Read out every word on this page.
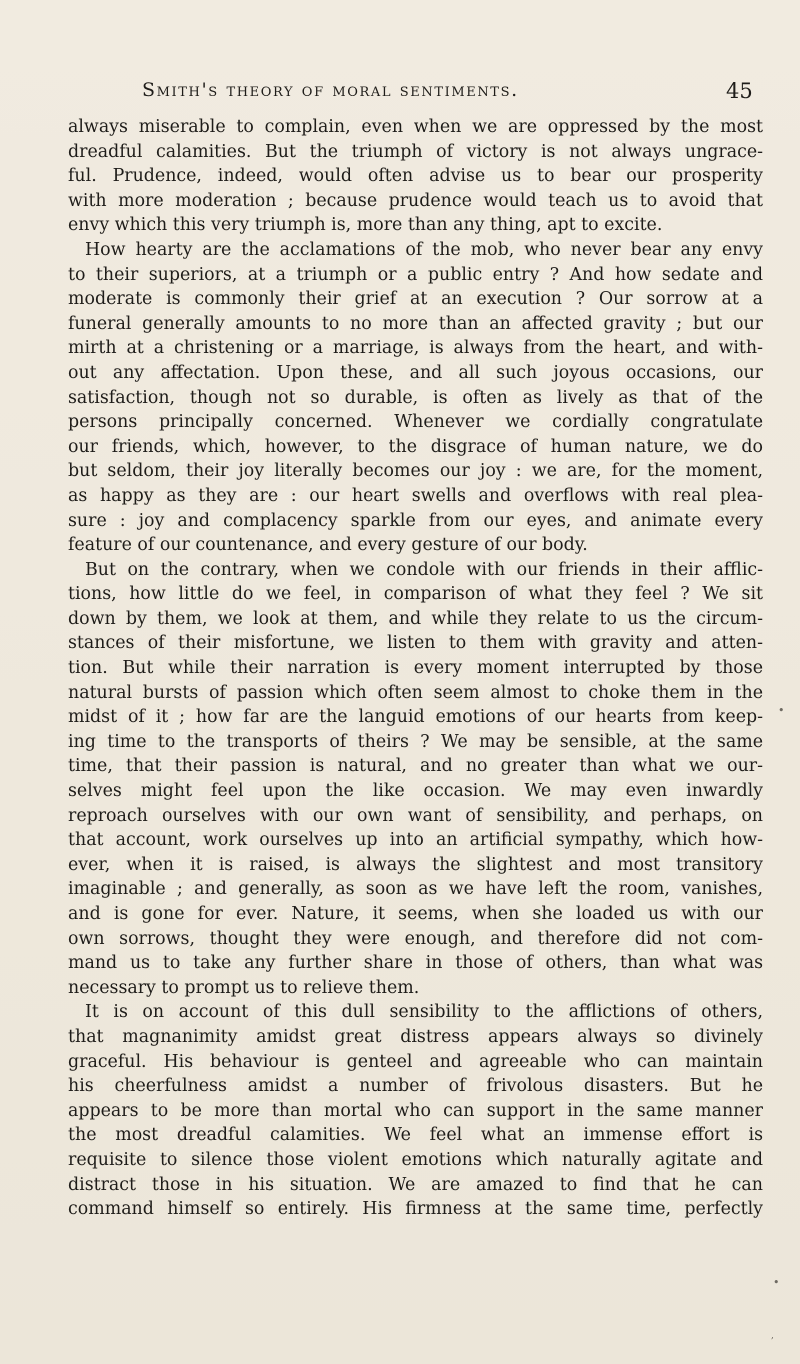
Smith's theory of moral sentiments.	45
always miserable to complain, even when we are oppressed by the most
dreadful calamities. But the triumph of victory is not always ungrace-
ful. Prudence, indeed, would often advise us to bear our prosperity
with more moderation ; because prudence would teach us to avoid that
envy which this very triumph is, more than any thing, apt to excite.
How hearty are the acclamations of the mob, who never bear any envy
to their superiors, at a triumph or a public entry ? And how sedate and
moderate is commonly their grief at an execution ? Our sorrow at a
funeral generally amounts to no more than an affected gravity ; but our
mirth at a christening or a marriage, is always from the heart, and with-
out any affectation. Upon these, and all such joyous occasions, our
satisfaction, though not so durable, is often as lively as that of the
persons principally concerned. Whenever we cordially congratulate
our friends, which, however, to the disgrace of human nature, we do
but seldom, their joy literally becomes our joy : we are, for the moment,
as happy as they are : our heart swells and overflows with real plea-
sure : joy and complacency sparkle from our eyes, and animate every
feature of our countenance, and every gesture of our body.
But on the contrary, when we condole with our friends in their afflic-
tions, how little do we feel, in comparison of what they feel ? We sit
down by them, we look at them, and while they relate to us the circum-
stances of their misfortune, we listen to them with gravity and atten-
tion. But while their narration is every moment interrupted by those
natural bursts of passion which often seem almost to choke them in the
midst of it ; how far are the languid emotions of our hearts from keep-
ing time to the transports of theirs ? We may be sensible, at the same
time, that their passion is natural, and no greater than what we our-
selves might feel upon the like occasion. We may even inwardly
reproach ourselves with our own want of sensibility, and perhaps, on
that account, work ourselves up into an artificial sympathy, which how-
ever, when it is raised, is always the slightest and most transitory
imaginable ; and generally, as soon as we have left the room, vanishes,
and is gone for ever. Nature, it seems, when she loaded us with our
own sorrows, thought they were enough, and therefore did not com-
mand us to take any further share in those of others, than what was
necessary to prompt us to relieve them.
It is on account of this dull sensibility to the afflictions of others,
that magnanimity amidst great distress appears always so divinely
graceful. His behaviour is genteel and agreeable who can maintain
his cheerfulness amidst a number of frivolous disasters. But he
appears to be more than mortal who can support in the same manner
the most dreadful calamities. We feel what an immense effort is
requisite to silence those violent emotions which naturally agitate and
distract those in his situation. We are amazed to find that he can
command himself so entirely. His firmness at the same time, perfectly
•
•
,
